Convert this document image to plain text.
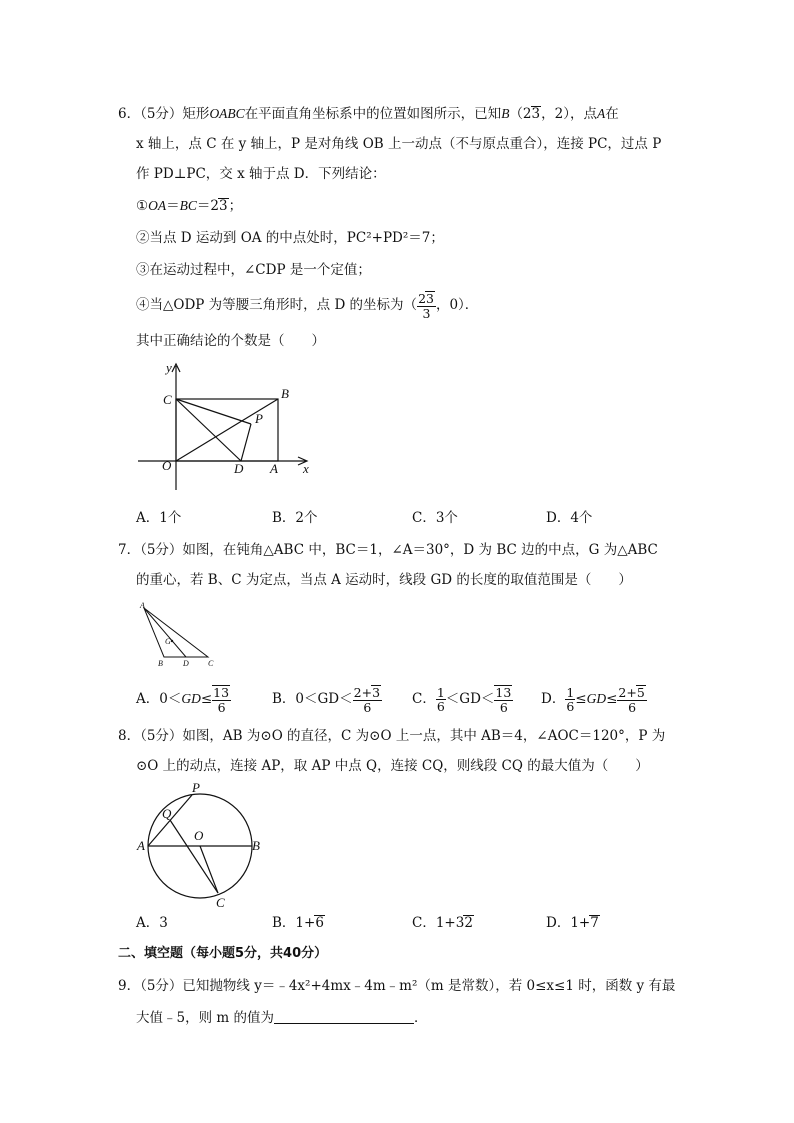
6．（5分）矩形OABC在平面直角坐标系中的位置如图所示，已知B（23，2），点A在
x 轴上，点 C 在 y 轴上，P 是对角线 OB 上一动点（不与原点重合），连接 PC，过点 P
作 PD⊥PC，交 x 轴于点 D．下列结论：
①OA＝BC＝23；
②当点 D 运动到 OA 的中点处时，PC²+PD²＝7；
③在运动过程中，∠CDP 是一个定值；
④当△ODP 为等腰三角形时，点 D 的坐标为（ $\frac{23}{3}$ ，0）．
其中正确结论的个数是（　　）
y
x
C	B
P
O	D A
A．1个	B．2个	C．3个	D．4个
7．（5分）如图，在钝角△ABC 中，BC＝1，∠A＝30°，D 为 BC 边的中点，G 为△ABC
的重心，若 B、C 为定点，当点 A 运动时，线段 GD 的长度的取值范围是（　　）
A
G
B	D C
A．$0<GD\le \frac{13}{6}$	B．$0<GD< \frac{2+3}{6}$ C． $\frac{1}{6} <GD< \frac{13}{6}$ D． $\frac{1}{6} \le GD\le \frac{2+5}{6}$
8．（5分）如图，AB 为⊙O 的直径，C 为⊙O 上一点，其中 AB＝4，∠AOC＝120°，P 为
⊙O 上的动点，连接 AP，取 AP 中点 Q，连接 CQ，则线段 CQ 的最大值为（　　）
P
Q
O
A	B
C
A．3	B．1+6	C．1+32	D．1+7
二、填空题（每小题5分，共40分）
9．（5分）已知抛物线 y＝﹣4x²+4mx﹣4m﹣m²（m 是常数），若 0≤x≤1 时，函数 y 有最
大值﹣5，则 m 的值为	．
